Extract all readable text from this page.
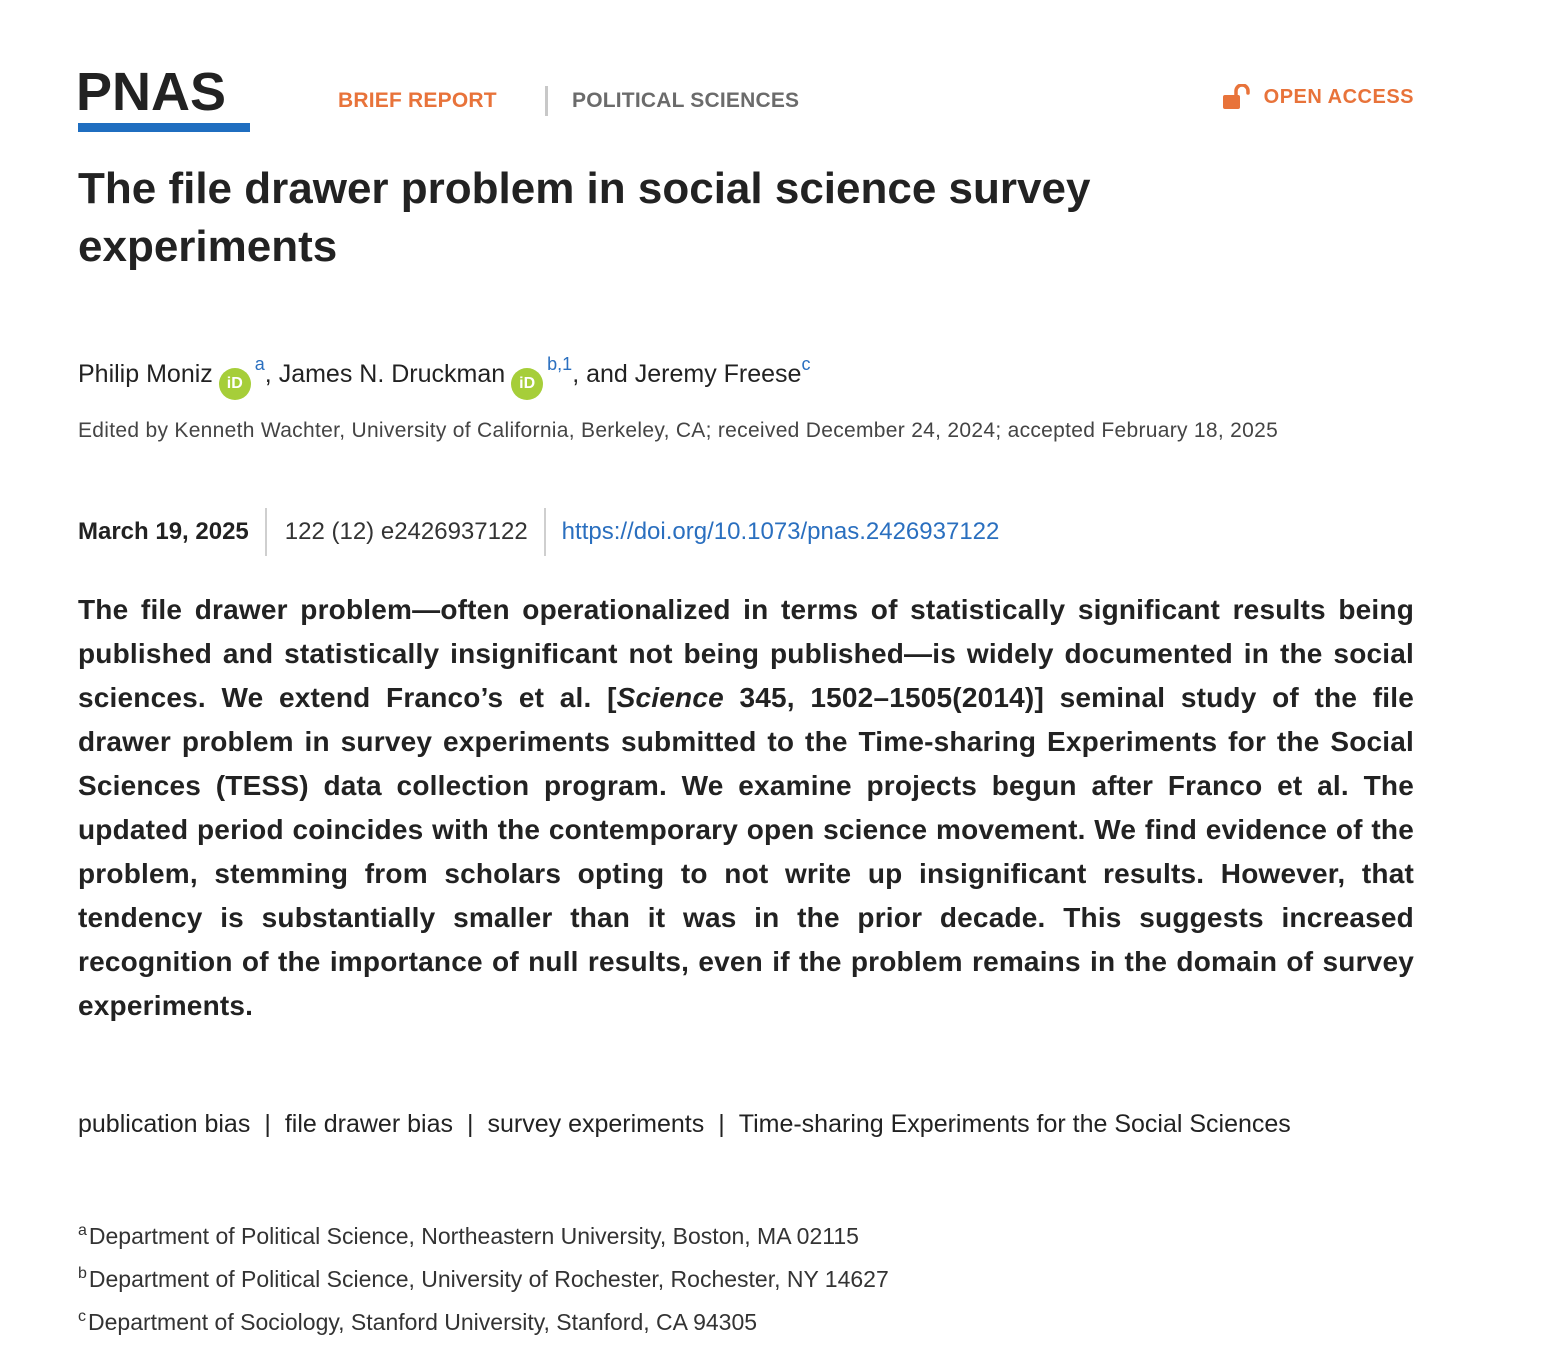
PNAS	BRIEF REPORT	POLITICAL SCIENCES	OPEN ACCESS
The file drawer problem in social science survey experiments
Philip Moniz $iD^a$, James N. Druckman iD$^{b,1}$, and Jeremy Freese$^c$
Edited by Kenneth Wachter, University of California, Berkeley, CA; received December 24, 2024; accepted February 18, 2025
March 19, 2025	122 (12) e2426937122	https://doi.org/10.1073/pnas.2426937122

The file drawer problem—often operationalized in terms of statistically significant results being published and statistically insignificant not being published—is widely documented in the social sciences. We extend Franco’s et al. [Science 345, 1502–1505(2014)] seminal study of the file drawer problem in survey experiments submitted to the Time-sharing Experiments for the Social Sciences (TESS) data collection program. We examine projects begun after Franco et al. The updated period coincides with the contemporary open science movement. We find evidence of the problem, stemming from scholars opting to not write up insignificant results. However, that tendency is substantially smaller than it was in the prior decade. This suggests increased recognition of the importance of null results, even if the problem remains in the domain of survey experiments.

publication bias | file drawer bias | survey experiments | Time-sharing Experiments for the Social Sciences
$^a$Department of Political Science, Northeastern University, Boston, MA 02115
$^b$Department of Political Science, University of Rochester, Rochester, NY 14627
$^c$Department of Sociology, Stanford University, Stanford, CA 94305
